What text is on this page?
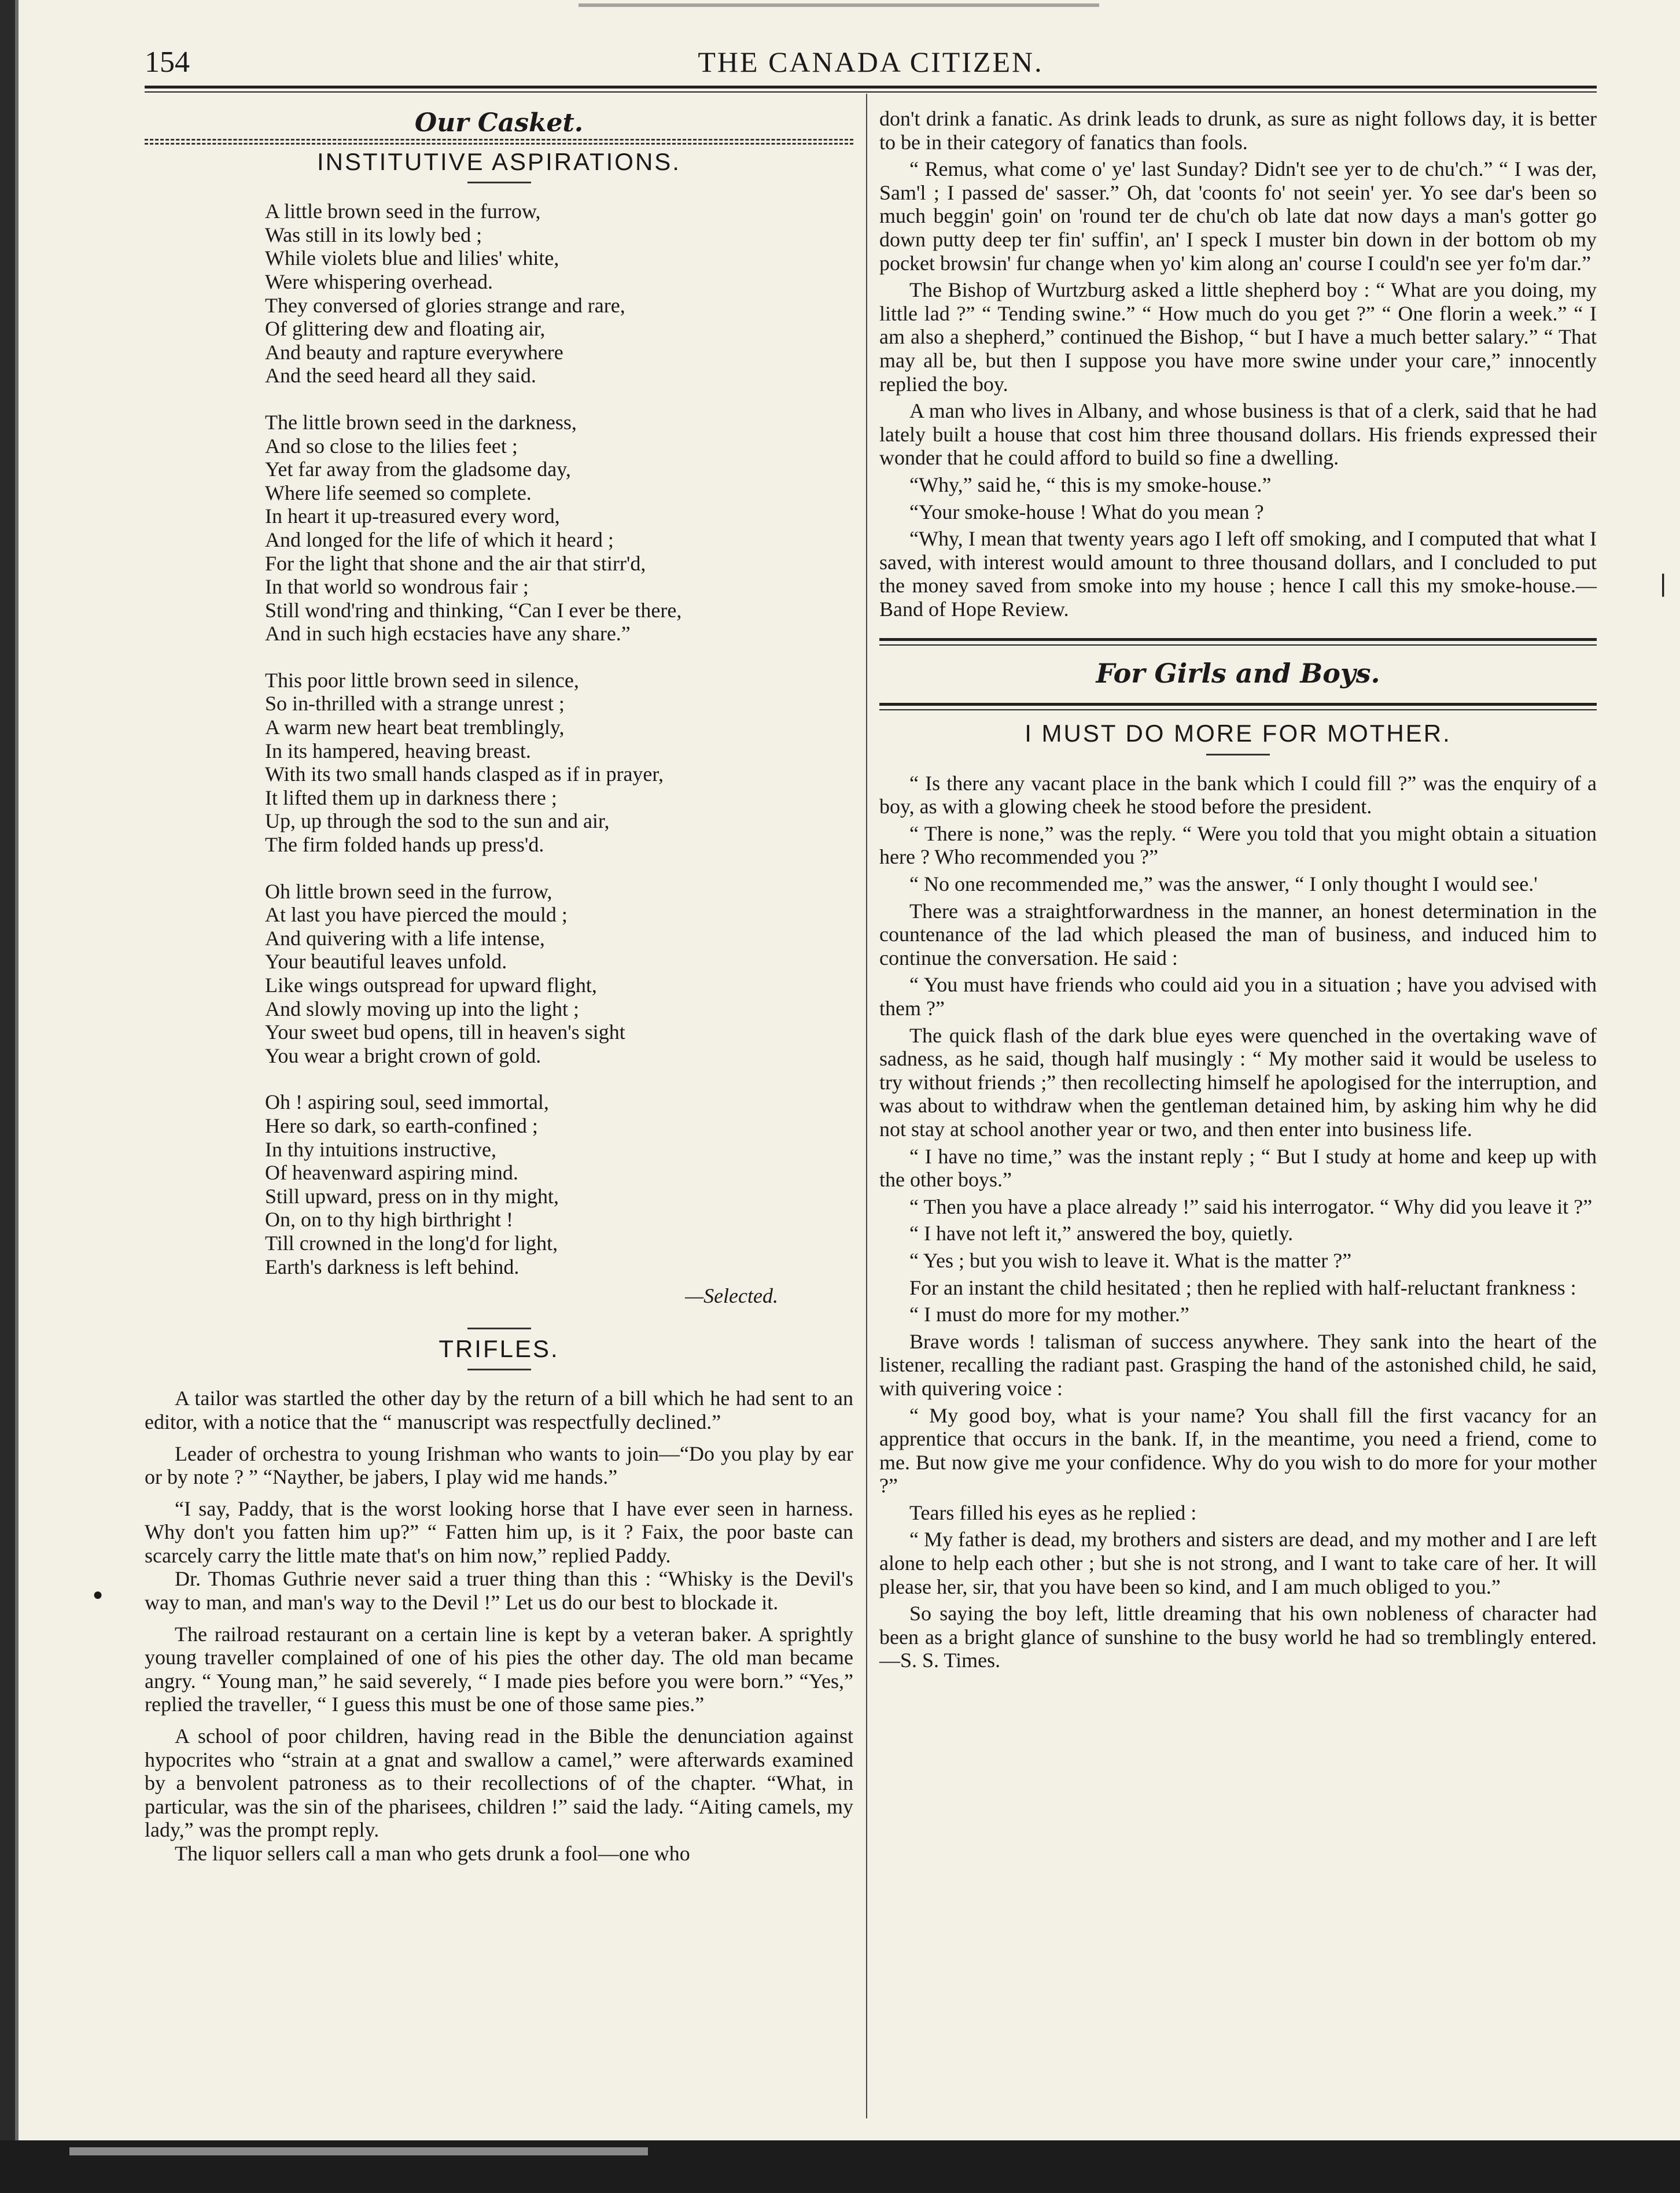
154	THE CANADA CITIZEN.
Our Casket.
INSTITUTIVE ASPIRATIONS.
A little brown seed in the furrow,
Was still in its lowly bed ;
While violets blue and lilies' white,
Were whispering overhead.
They conversed of glories strange and rare,
Of glittering dew and floating air,
And beauty and rapture everywhere
And the seed heard all they said.
The little brown seed in the darkness,
And so close to the lilies feet ;
Yet far away from the gladsome day,
Where life seemed so complete.
In heart it up-treasured every word,
And longed for the life of which it heard ;
For the light that shone and the air that stirr'd,
In that world so wondrous fair ;
Still wond'ring and thinking, “Can I ever be there,
And in such high ecstacies have any share.”
This poor little brown seed in silence,
So in-thrilled with a strange unrest ;
A warm new heart beat tremblingly,
In its hampered, heaving breast.
With its two small hands clasped as if in prayer,
It lifted them up in darkness there ;
Up, up through the sod to the sun and air,
The firm folded hands up press'd.
Oh little brown seed in the furrow,
At last you have pierced the mould ;
And quivering with a life intense,
Your beautiful leaves unfold.
Like wings outspread for upward flight,
And slowly moving up into the light ;
Your sweet bud opens, till in heaven's sight
You wear a bright crown of gold.
Oh ! aspiring soul, seed immortal,
Here so dark, so earth-confined ;
In thy intuitions instructive,
Of heavenward aspiring mind.
Still upward, press on in thy might,
On, on to thy high birthright !
Till crowned in the long'd for light,
Earth's darkness is left behind.
—Selected.
TRIFLES.

A tailor was startled the other day by the return of a bill which he had sent to an editor, with a notice that the “ manuscript was respectfully declined.”

Leader of orchestra to young Irishman who wants to join—“Do you play by ear or by note ? ” “Nayther, be jabers, I play wid me hands.”

“I say, Paddy, that is the worst looking horse that I have ever seen in harness. Why don't you fatten him up?” “ Fatten him up, is it ? Faix, the poor baste can scarcely carry the little mate that's on him now,” replied Paddy.

Dr. Thomas Guthrie never said a truer thing than this : “Whisky is the Devil's way to man, and man's way to the Devil !” Let us do our best to blockade it.

The railroad restaurant on a certain line is kept by a veteran baker. A sprightly young traveller complained of one of his pies the other day. The old man became angry. “ Young man,” he said severely, “ I made pies before you were born.” “Yes,” replied the traveller, “ I guess this must be one of those same pies.”

A school of poor children, having read in the Bible the denunciation against hypocrites who “strain at a gnat and swallow a camel,” were afterwards examined by a benvolent patroness as to their recollections of of the chapter. “What, in particular, was the sin of the pharisees, children !” said the lady. “Aiting camels, my lady,” was the prompt reply.

The liquor sellers call a man who gets drunk a fool—one who

don't drink a fanatic. As drink leads to drunk, as sure as night follows day, it is better to be in their category of fanatics than fools.

“ Remus, what come o' ye' last Sunday? Didn't see yer to de chu'ch.” “ I was der, Sam'l ; I passed de' sasser.” Oh, dat 'coonts fo' not seein' yer. Yo see dar's been so much beggin' goin' on 'round ter de chu'ch ob late dat now days a man's gotter go down putty deep ter fin' suffin', an' I speck I muster bin down in der bottom ob my pocket browsin' fur change when yo' kim along an' course I could'n see yer fo'm dar.”

The Bishop of Wurtzburg asked a little shepherd boy : “ What are you doing, my little lad ?” “ Tending swine.” “ How much do you get ?” “ One florin a week.” “ I am also a shepherd,” continued the Bishop, “ but I have a much better salary.” “ That may all be, but then I suppose you have more swine under your care,” innocently replied the boy.

A man who lives in Albany, and whose business is that of a clerk, said that he had lately built a house that cost him three thousand dollars. His friends expressed their wonder that he could afford to build so fine a dwelling.

“Why,” said he, “ this is my smoke-house.”

“Your smoke-house ! What do you mean ?

“Why, I mean that twenty years ago I left off smoking, and I computed that what I saved, with interest would amount to three thousand dollars, and I concluded to put the money saved from smoke into my house ; hence I call this my smoke-house.—Band of Hope Review.

For Girls and Boys.
I MUST DO MORE FOR MOTHER.

“ Is there any vacant place in the bank which I could fill ?” was the enquiry of a boy, as with a glowing cheek he stood before the president.

“ There is none,” was the reply. “ Were you told that you might obtain a situation here ? Who recommended you ?”

“ No one recommended me,” was the answer, “ I only thought I would see.'

There was a straightforwardness in the manner, an honest determination in the countenance of the lad which pleased the man of business, and induced him to continue the conversation. He said :

“ You must have friends who could aid you in a situation ; have you advised with them ?”

The quick flash of the dark blue eyes were quenched in the overtaking wave of sadness, as he said, though half musingly : “ My mother said it would be useless to try without friends ;” then recollecting himself he apologised for the interruption, and was about to withdraw when the gentleman detained him, by asking him why he did not stay at school another year or two, and then enter into business life.

“ I have no time,” was the instant reply ; “ But I study at home and keep up with the other boys.”

“ Then you have a place already !” said his interrogator. “ Why did you leave it ?”

“ I have not left it,” answered the boy, quietly.

“ Yes ; but you wish to leave it. What is the matter ?”

For an instant the child hesitated ; then he replied with half-reluctant frankness :

“ I must do more for my mother.”

Brave words ! talisman of success anywhere. They sank into the heart of the listener, recalling the radiant past. Grasping the hand of the astonished child, he said, with quivering voice :

“ My good boy, what is your name? You shall fill the first vacancy for an apprentice that occurs in the bank. If, in the meantime, you need a friend, come to me. But now give me your confidence. Why do you wish to do more for your mother ?”

Tears filled his eyes as he replied :

“ My father is dead, my brothers and sisters are dead, and my mother and I are left alone to help each other ; but she is not strong, and I want to take care of her. It will please her, sir, that you have been so kind, and I am much obliged to you.”

So saying the boy left, little dreaming that his own nobleness of character had been as a bright glance of sunshine to the busy world he had so tremblingly entered.—S. S. Times.

❘
●
